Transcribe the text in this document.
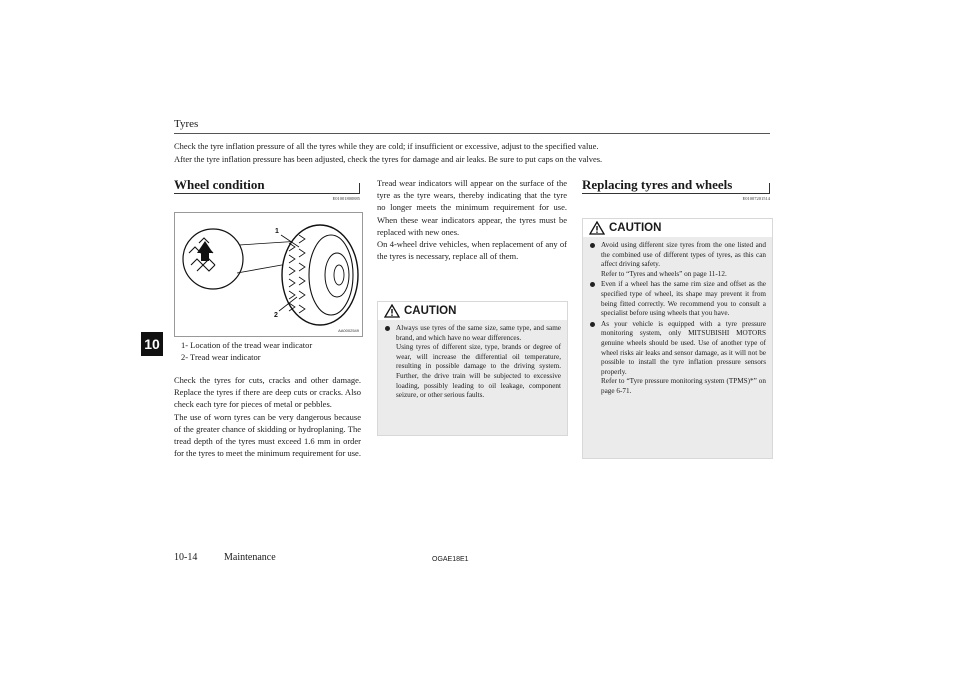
Tyres
Check the tyre inflation pressure of all the tyres while they are cold; if insufficient or excessive, adjust to the specified value.
After the tyre inflation pressure has been adjusted, check the tyres for damage and air leaks. Be sure to put caps on the valves.
10
Wheel condition
E01001800885
1
2
AA0002549
1- Location of the tread wear indicator
2- Tread wear indicator
Check the tyres for cuts, cracks and other damage. Replace the tyres if there are deep cuts or cracks. Also check each tyre for pieces of metal or pebbles.
The use of worn tyres can be very dangerous because of the greater chance of skidding or hydroplaning. The tread depth of the tyres must exceed 1.6 mm in order for the tyres to meet the minimum requirement for use.
Tread wear indicators will appear on the surface of the tyre as the tyre wears, thereby indicating that the tyre no longer meets the minimum requirement for use. When these wear indicators appear, the tyres must be replaced with new ones.
On 4-wheel drive vehicles, when replacement of any of the tyres is necessary, replace all of them.
CAUTION
Always use tyres of the same size, same type, and same brand, and which have no wear differences.
Using tyres of different size, type, brands or degree of wear, will increase the differential oil temperature, resulting in possible damage to the driving system. Further, the drive train will be subjected to excessive loading, possibly leading to oil leakage, component seizure, or other serious faults.
Replacing tyres and wheels
E01007201514
CAUTION
Avoid using different size tyres from the one listed and the combined use of different types of tyres, as this can affect driving safety.
Refer to “Tyres and wheels” on page 11-12.
Even if a wheel has the same rim size and offset as the specified type of wheel, its shape may prevent it from being fitted correctly. We recommend you to consult a specialist before using wheels that you have.
As your vehicle is equipped with a tyre pressure monitoring system, only MITSUBISHI MOTORS genuine wheels should be used. Use of another type of wheel risks air leaks and sensor damage, as it will not be possible to install the tyre inflation pressure sensors properly.
Refer to “Tyre pressure monitoring system (TPMS)*” on page 6-71.
10-14	Maintenance	OGAE18E1
